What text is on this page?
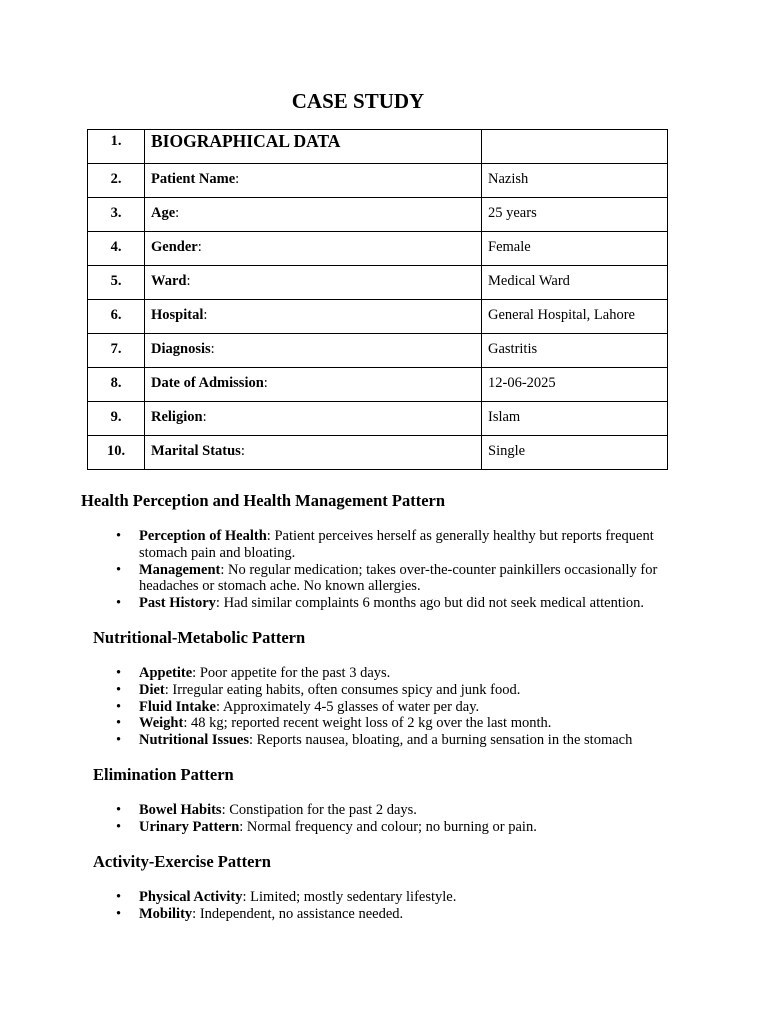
CASE STUDY
1.	BIOGRAPHICAL DATA	
2.	Patient Name:	Nazish
3.	Age:	25 years
4.	Gender:	Female
5.	Ward:	Medical Ward
6.	Hospital:	General Hospital, Lahore
7.	Diagnosis:	Gastritis
8.	Date of Admission:	12-06-2025
9.	Religion:	Islam
10.	Marital Status:	Single
Health Perception and Health Management Pattern
• Perception of Health: Patient perceives herself as generally healthy but reports frequent stomach pain and bloating.
• Management: No regular medication; takes over-the-counter painkillers occasionally for headaches or stomach ache. No known allergies.
• Past History: Had similar complaints 6 months ago but did not seek medical attention.
Nutritional-Metabolic Pattern
• Appetite: Poor appetite for the past 3 days.
• Diet: Irregular eating habits, often consumes spicy and junk food.
• Fluid Intake: Approximately 4-5 glasses of water per day.
• Weight: 48 kg; reported recent weight loss of 2 kg over the last month.
• Nutritional Issues: Reports nausea, bloating, and a burning sensation in the stomach
Elimination Pattern
• Bowel Habits: Constipation for the past 2 days.
• Urinary Pattern: Normal frequency and colour; no burning or pain.
Activity-Exercise Pattern
• Physical Activity: Limited; mostly sedentary lifestyle.
• Mobility: Independent, no assistance needed.
